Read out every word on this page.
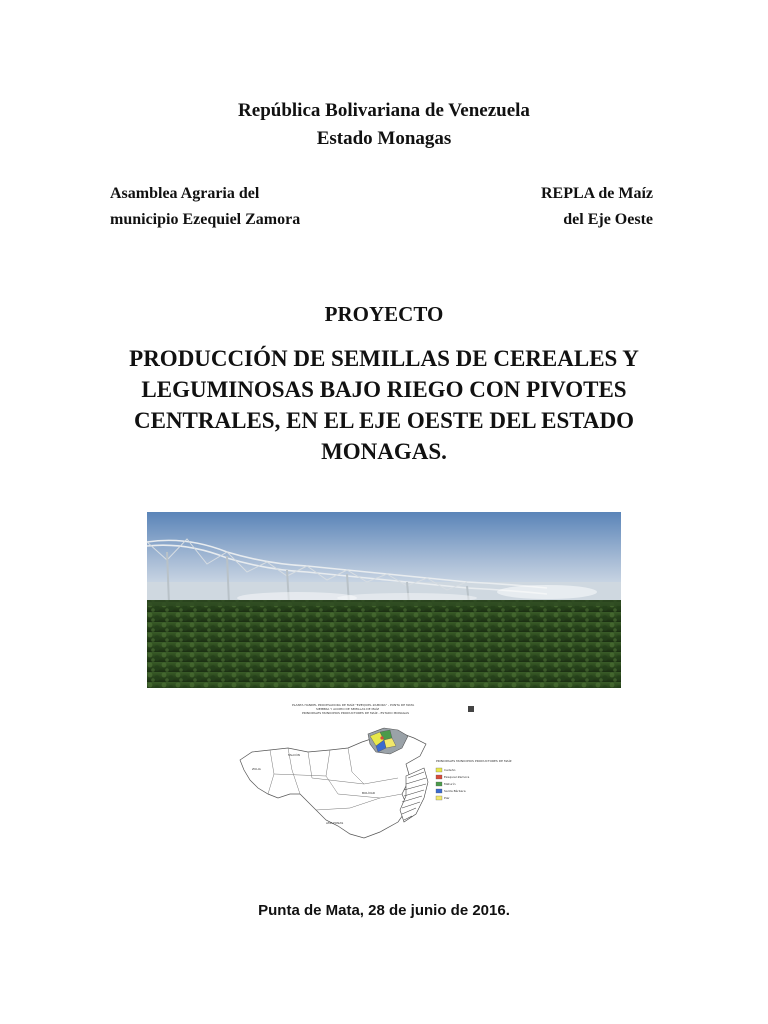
República Bolivariana de Venezuela
Estado Monagas
Asamblea Agraria del
municipio Ezequiel Zamora
REPLA de Maíz
del Eje Oeste
PROYECTO
PRODUCCIÓN DE SEMILLAS DE CEREALES Y
LEGUMINOSAS BAJO RIEGO CON PIVOTES
CENTRALES, EN EL EJE OESTE DEL ESTADO
MONAGAS.
PLANTA HANDEL PROCESADORA DE MAÍZ "EZEQUIEL ZAMORA" - PUNTA DE MATA
SIEMBRA Y ACOPIO DE SEMILLAS DE MAÍZ
PRINCIPALES MUNICIPIOS PRODUCTORES DE MAÍZ - ESTADO MONAGAS
ZULIA
FALCÓN
BOLÍVAR
AMAZONAS
PRINCIPALES MUNICIPIOS PRODUCTORES DE MAÍZ
Cedeño
Ezequiel Zamora
Maturín
Santa Bárbara
Piar
Punta de Mata, 28 de junio de 2016.
